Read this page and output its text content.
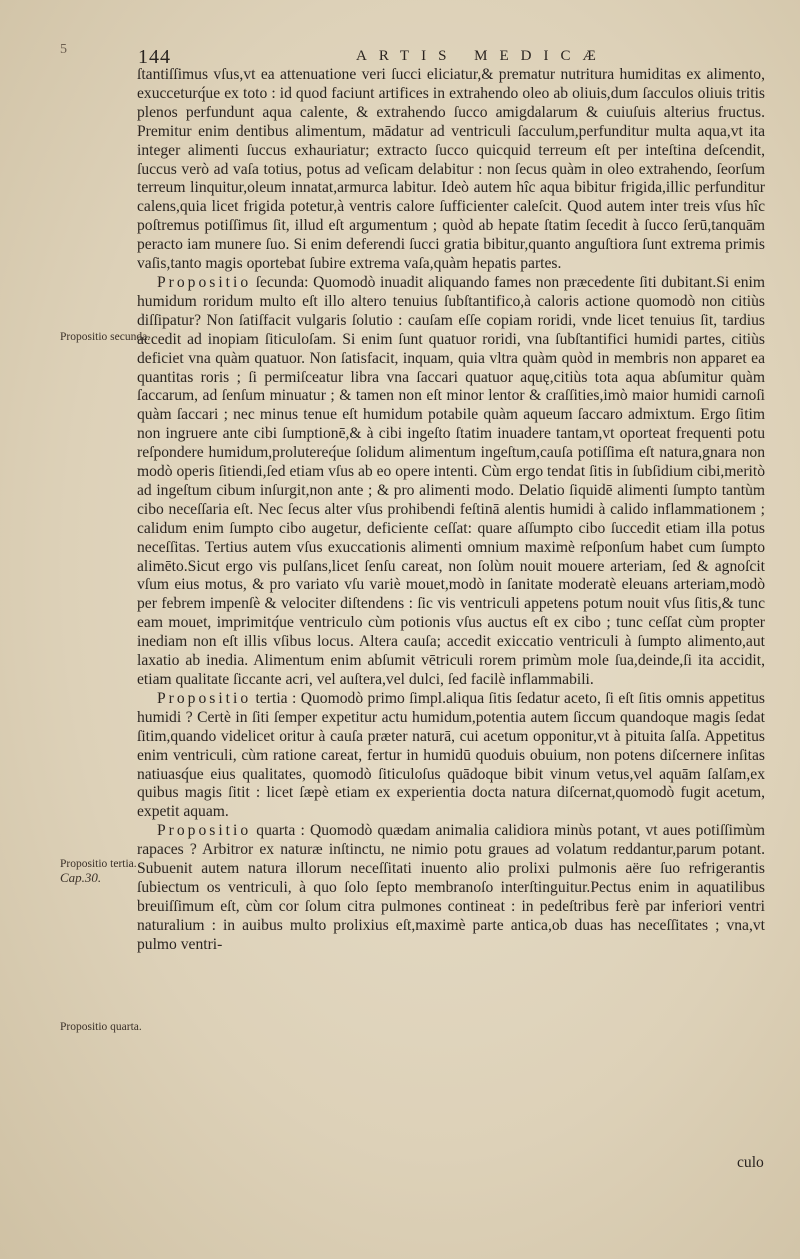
5	144	ARTIS MEDICÆ
Propositio secunda.
Propositio tertia.
Cap.30.
Propositio quarta.

ſtantiſſimus vſus,vt ea attenuatione veri ſucci eliciatur,& prematur nutritura humiditas ex alimento, exucceturq́ue ex toto : id quod faciunt artifices in extrahendo oleo ab oliuis,dum ſacculos oliuis tritis plenos perfundunt aqua calente, & extrahendo ſucco amigdalarum & cuiuſuis alterius fructus. Premitur enim dentibus alimentum, mādatur ad ventriculi ſacculum,perfunditur multa aqua,vt ita integer alimenti ſuccus exhauriatur; extracto ſucco quicquid terreum eſt per inteſtina deſcendit, ſuccus verò ad vaſa totius, potus ad veſicam delabitur : non ſecus quàm in oleo extrahendo, ſeorſum terreum linquitur,oleum innatat,armurca labitur. Ideò autem hîc aqua bibitur frigida,illic perfunditur calens,quia licet frigida potetur,à ventris calore ſufficienter caleſcit. Quod autem inter treis vſus hîc poſtremus potiſſimus ſit, illud eſt argumentum ; quòd ab hepate ſtatim ſecedit à ſucco ſerū,tanquām peracto iam munere ſuo. Si enim deferendi ſucci gratia bibitur,quanto anguſtiora ſunt extrema primis vaſis,tanto magis oportebat ſubire extrema vaſa,quàm hepatis partes.

Propositio ſecunda: Quomodò inuadit aliquando fames non præcedente ſiti dubitant.Si enim humidum roridum multo eſt illo altero tenuius ſubſtantifico,à caloris actione quomodò non citiùs diſſipatur? Non ſatiſfacit vulgaris ſolutio : cauſam eſſe copiam roridi, vnde licet tenuius ſit, tardius accedit ad inopiam ſiticuloſam. Si enim ſunt quatuor roridi, vna ſubſtantifici humidi partes, citiùs deficiet vna quàm quatuor. Non ſatisfacit, inquam, quia vltra quàm quòd in membris non apparet ea quantitas roris ; ſi permiſceatur libra vna ſaccari quatuor aquę,citiùs tota aqua abſumitur quàm ſaccarum, ad ſenſum minuatur ; & tamen non eſt minor lentor & craſſities,imò maior humidi carnoſi quàm ſaccari ; nec minus tenue eſt humidum potabile quàm aqueum ſaccaro admixtum. Ergo ſitim non ingruere ante cibi ſumptionē,& à cibi ingeſto ſtatim inuadere tantam,vt oporteat frequenti potu reſpondere humidum,prolutereq́ue ſolidum alimentum ingeſtum,cauſa potiſſima eſt natura,gnara non modò operis ſitiendi,ſed etiam vſus ab eo opere intenti. Cùm ergo tendat ſitis in ſubſidium cibi,meritò ad ingeſtum cibum inſurgit,non ante ; & pro alimenti modo. Delatio ſiquidē alimenti ſumpto tantùm cibo neceſſaria eſt. Nec ſecus alter vſus prohibendi feſtinā alentis humidi à calido inflammationem ; calidum enim ſumpto cibo augetur, deficiente ceſſat: quare aſſumpto cibo ſuccedit etiam illa potus neceſſitas. Tertius autem vſus exuccationis alimenti omnium maximè reſponſum habet cum ſumpto alimēto.Sicut ergo vis pulſans,licet ſenſu careat, non ſolùm nouit mouere arteriam, ſed & agnoſcit vſum eius motus, & pro variato vſu variè mouet,modò in ſanitate moderatè eleuans arteriam,modò per febrem impenſè & velociter diſtendens : ſic vis ventriculi appetens potum nouit vſus ſitis,& tunc eam mouet, imprimitq́ue ventriculo cùm potionis vſus auctus eſt ex cibo ; tunc ceſſat cùm propter inediam non eſt illis vſibus locus. Altera cauſa; accedit exiccatio ventriculi à ſumpto alimento,aut laxatio ab inedia. Alimentum enim abſumit vētriculi rorem primùm mole ſua,deinde,ſi ita accidit, etiam qualitate ſiccante acri, vel auſtera,vel dulci, ſed facilè inflammabili.

Propositio tertia : Quomodò primo ſimpl.aliqua ſitis ſedatur aceto, ſi eſt ſitis omnis appetitus humidi ? Certè in ſiti ſemper expetitur actu humidum,potentia autem ſiccum quandoque magis ſedat ſitim,quando videlicet oritur à cauſa præter naturā, cui acetum opponitur,vt à pituita ſalſa. Appetitus enim ventriculi, cùm ratione careat, fertur in humidū quoduis obuium, non potens diſcernere inſitas natiuasq́ue eius qualitates, quomodò ſiticuloſus quādoque bibit vinum vetus,vel aquām ſalſam,ex quibus magis ſitit : licet ſæpè etiam ex experientia docta natura diſcernat,quomodò fugit acetum, expetit aquam.

Propositio quarta : Quomodò quædam animalia calidiora minùs potant, vt aues potiſſimùm rapaces ? Arbitror ex naturæ inſtinctu, ne nimio potu graues ad volatum reddantur,parum potant. Subuenit autem natura illorum neceſſitati inuento alio prolixi pulmonis aëre ſuo refrigerantis ſubiectum os ventriculi, à quo ſolo ſepto membranoſo interſtinguitur.Pectus enim in aquatilibus breuiſſimum eſt, cùm cor ſolum citra pulmones contineat : in pedeſtribus ferè par inferiori ventri naturalium : in auibus multo prolixius eſt,maximè parte antica,ob duas has neceſſitates ; vna,vt pulmo ventri-

culo
